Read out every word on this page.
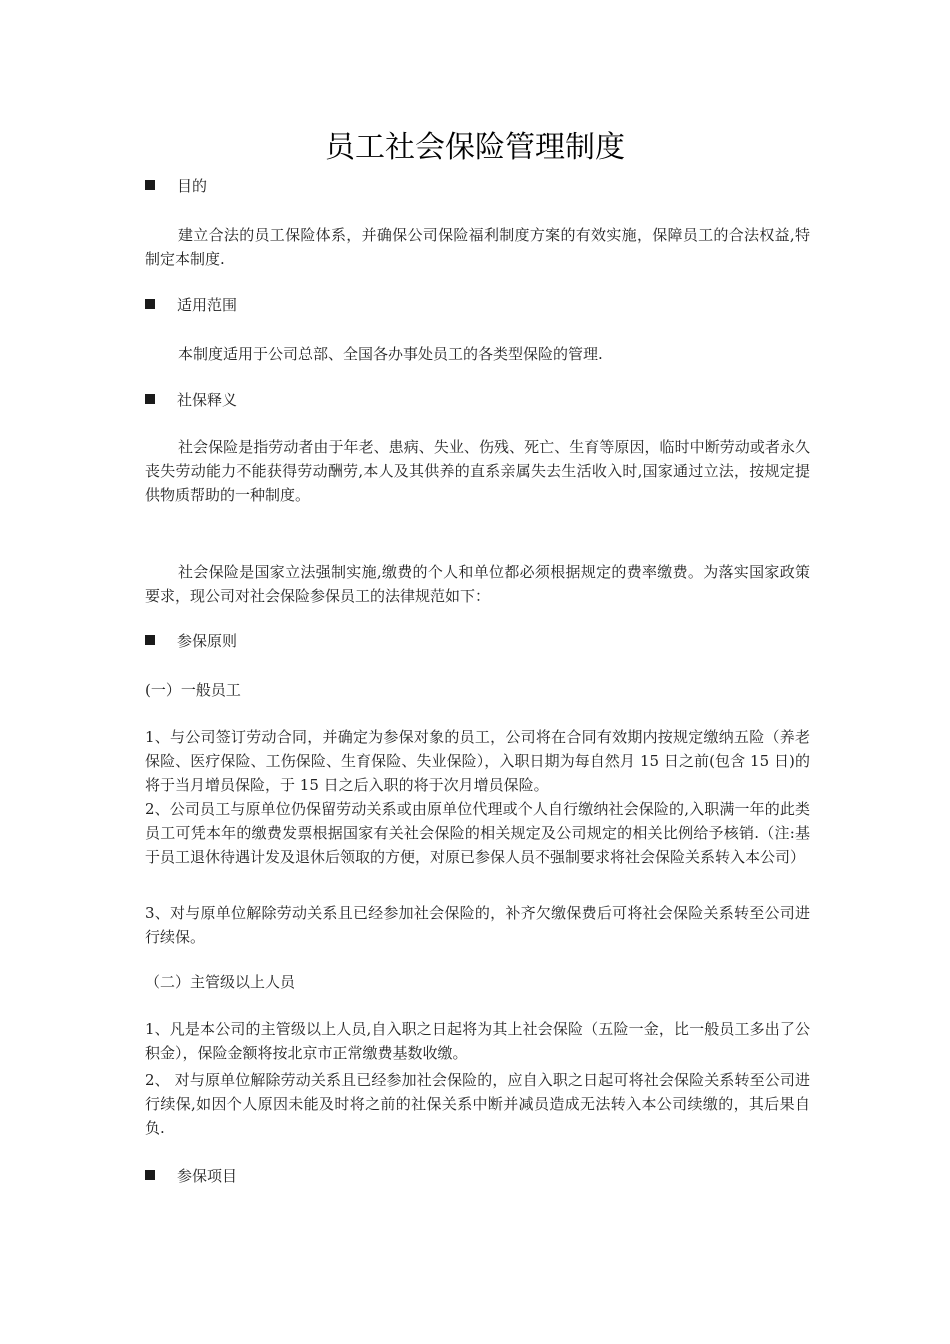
员工社会保险管理制度
目的

建立合法的员工保险体系，并确保公司保险福利制度方案的有效实施，保障员工的合法权益,特制定本制度.

适用范围

本制度适用于公司总部、全国各办事处员工的各类型保险的管理.

社保释义

社会保险是指劳动者由于年老、患病、失业、伤残、死亡、生育等原因，临时中断劳动或者永久丧失劳动能力不能获得劳动酬劳,本人及其供养的直系亲属失去生活收入时,国家通过立法，按规定提供物质帮助的一种制度。

社会保险是国家立法强制实施,缴费的个人和单位都必须根据规定的费率缴费。为落实国家政策要求，现公司对社会保险参保员工的法律规范如下：

参保原则

(一）一般员工

1、与公司签订劳动合同，并确定为参保对象的员工，公司将在合同有效期内按规定缴纳五险（养老保险、医疗保险、工伤保险、生育保险、失业保险），入职日期为每自然月 15 日之前(包含 15 日)的将于当月增员保险，于 15 日之后入职的将于次月增员保险。

2、公司员工与原单位仍保留劳动关系或由原单位代理或个人自行缴纳社会保险的,入职满一年的此类员工可凭本年的缴费发票根据国家有关社会保险的相关规定及公司规定的相关比例给予核销.（注:基于员工退休待遇计发及退休后领取的方便，对原已参保人员不强制要求将社会保险关系转入本公司）

3、对与原单位解除劳动关系且已经参加社会保险的，补齐欠缴保费后可将社会保险关系转至公司进行续保。

（二）主管级以上人员

1、凡是本公司的主管级以上人员,自入职之日起将为其上社会保险（五险一金，比一般员工多出了公积金），保险金额将按北京市正常缴费基数收缴。

2、 对与原单位解除劳动关系且已经参加社会保险的，应自入职之日起可将社会保险关系转至公司进行续保,如因个人原因未能及时将之前的社保关系中断并减员造成无法转入本公司续缴的，其后果自负.

参保项目
